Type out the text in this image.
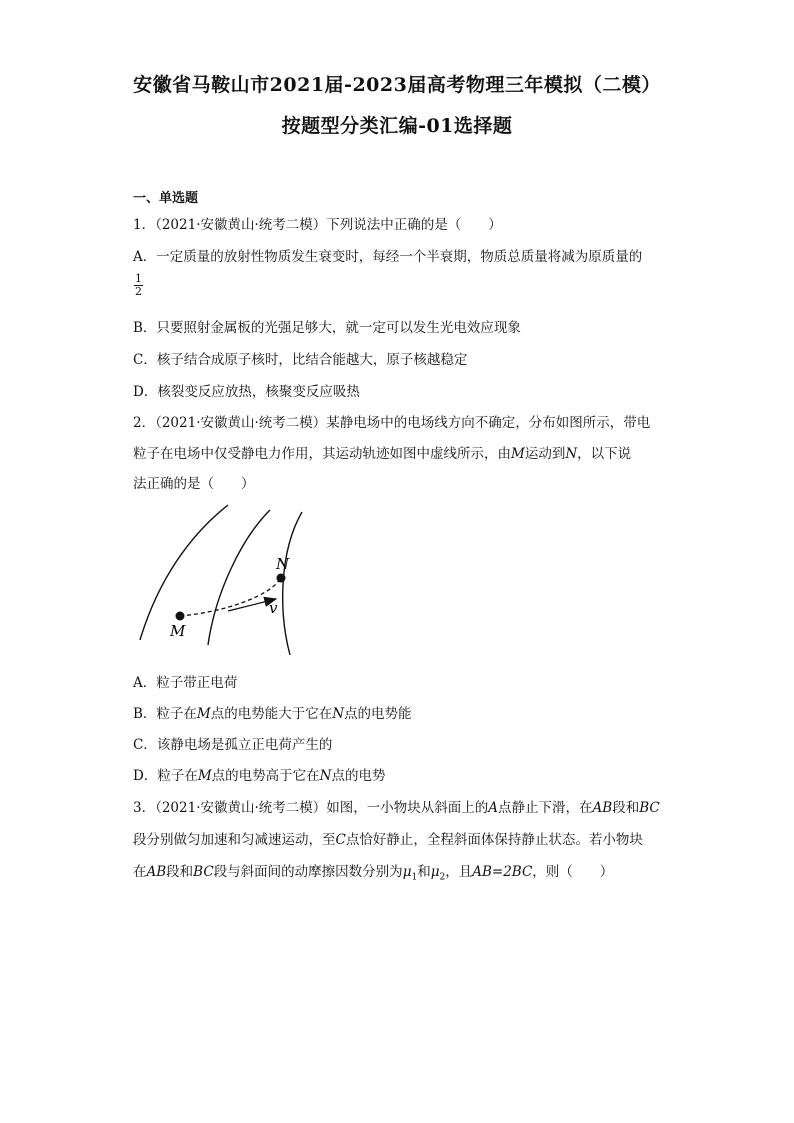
安徽省马鞍山市2021届-2023届高考物理三年模拟（二模）
按题型分类汇编-01选择题
一、单选题
1．（2021·安徽黄山·统考二模）下列说法中正确的是（　　）
A．一定质量的放射性物质发生衰变时，每经一个半衰期，物质总质量将减为原质量的
1
2
B．只要照射金属板的光强足够大，就一定可以发生光电效应现象
C．核子结合成原子核时，比结合能越大，原子核越稳定
D．核裂变反应放热，核聚变反应吸热
2．（2021·安徽黄山·统考二模）某静电场中的电场线方向不确定，分布如图所示，带电
粒子在电场中仅受静电力作用，其运动轨迹如图中虚线所示，由M运动到N，以下说
法正确的是（　　）
M
N
v
A．粒子带正电荷
B．粒子在M点的电势能大于它在N点的电势能
C．该静电场是孤立正电荷产生的
D．粒子在M点的电势高于它在N点的电势
3．（2021·安徽黄山·统考二模）如图，一小物块从斜面上的A点静止下滑，在AB段和BC
段分别做匀加速和匀减速运动，至C点恰好静止，全程斜面体保持静止状态。若小物块
在AB段和BC段与斜面间的动摩擦因数分别为$\mu_1$和$\mu_2$，且AB=2BC，则（　　）
